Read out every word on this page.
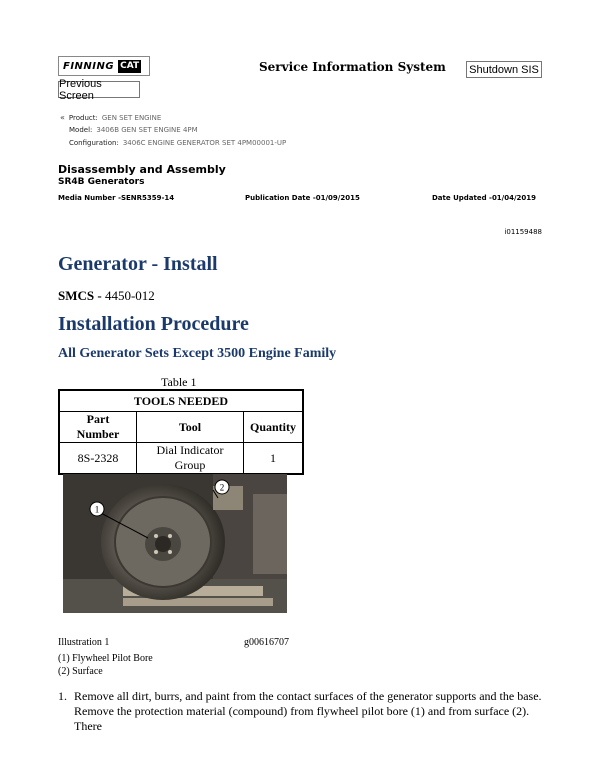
FINNING CAT	Service Information System Shutdown SIS
Previous Screen
« Product: GEN SET ENGINE
Model: 3406B GEN SET ENGINE 4PM
Configuration: 3406C ENGINE GENERATOR SET 4PM00001-UP
Disassembly and Assembly
SR4B Generators
Media Number -SENR5359-14	Publication Date -01/09/2015	Date Updated -01/04/2019
i01159488
Generator - Install
SMCS - 4450-012
Installation Procedure
All Generator Sets Except 3500 Engine Family
Table 1
TOOLS NEEDED		
Part Number	Tool	Quantity
8S-2328	Dial Indicator Group	1
1
2
Illustration 1	g00616707
(1) Flywheel Pilot Bore
(2) Surface
1. Remove all dirt, burrs, and paint from the contact surfaces of the generator supports and the base. Remove the protection material (compound) from flywheel pilot bore (1) and from surface (2). There
